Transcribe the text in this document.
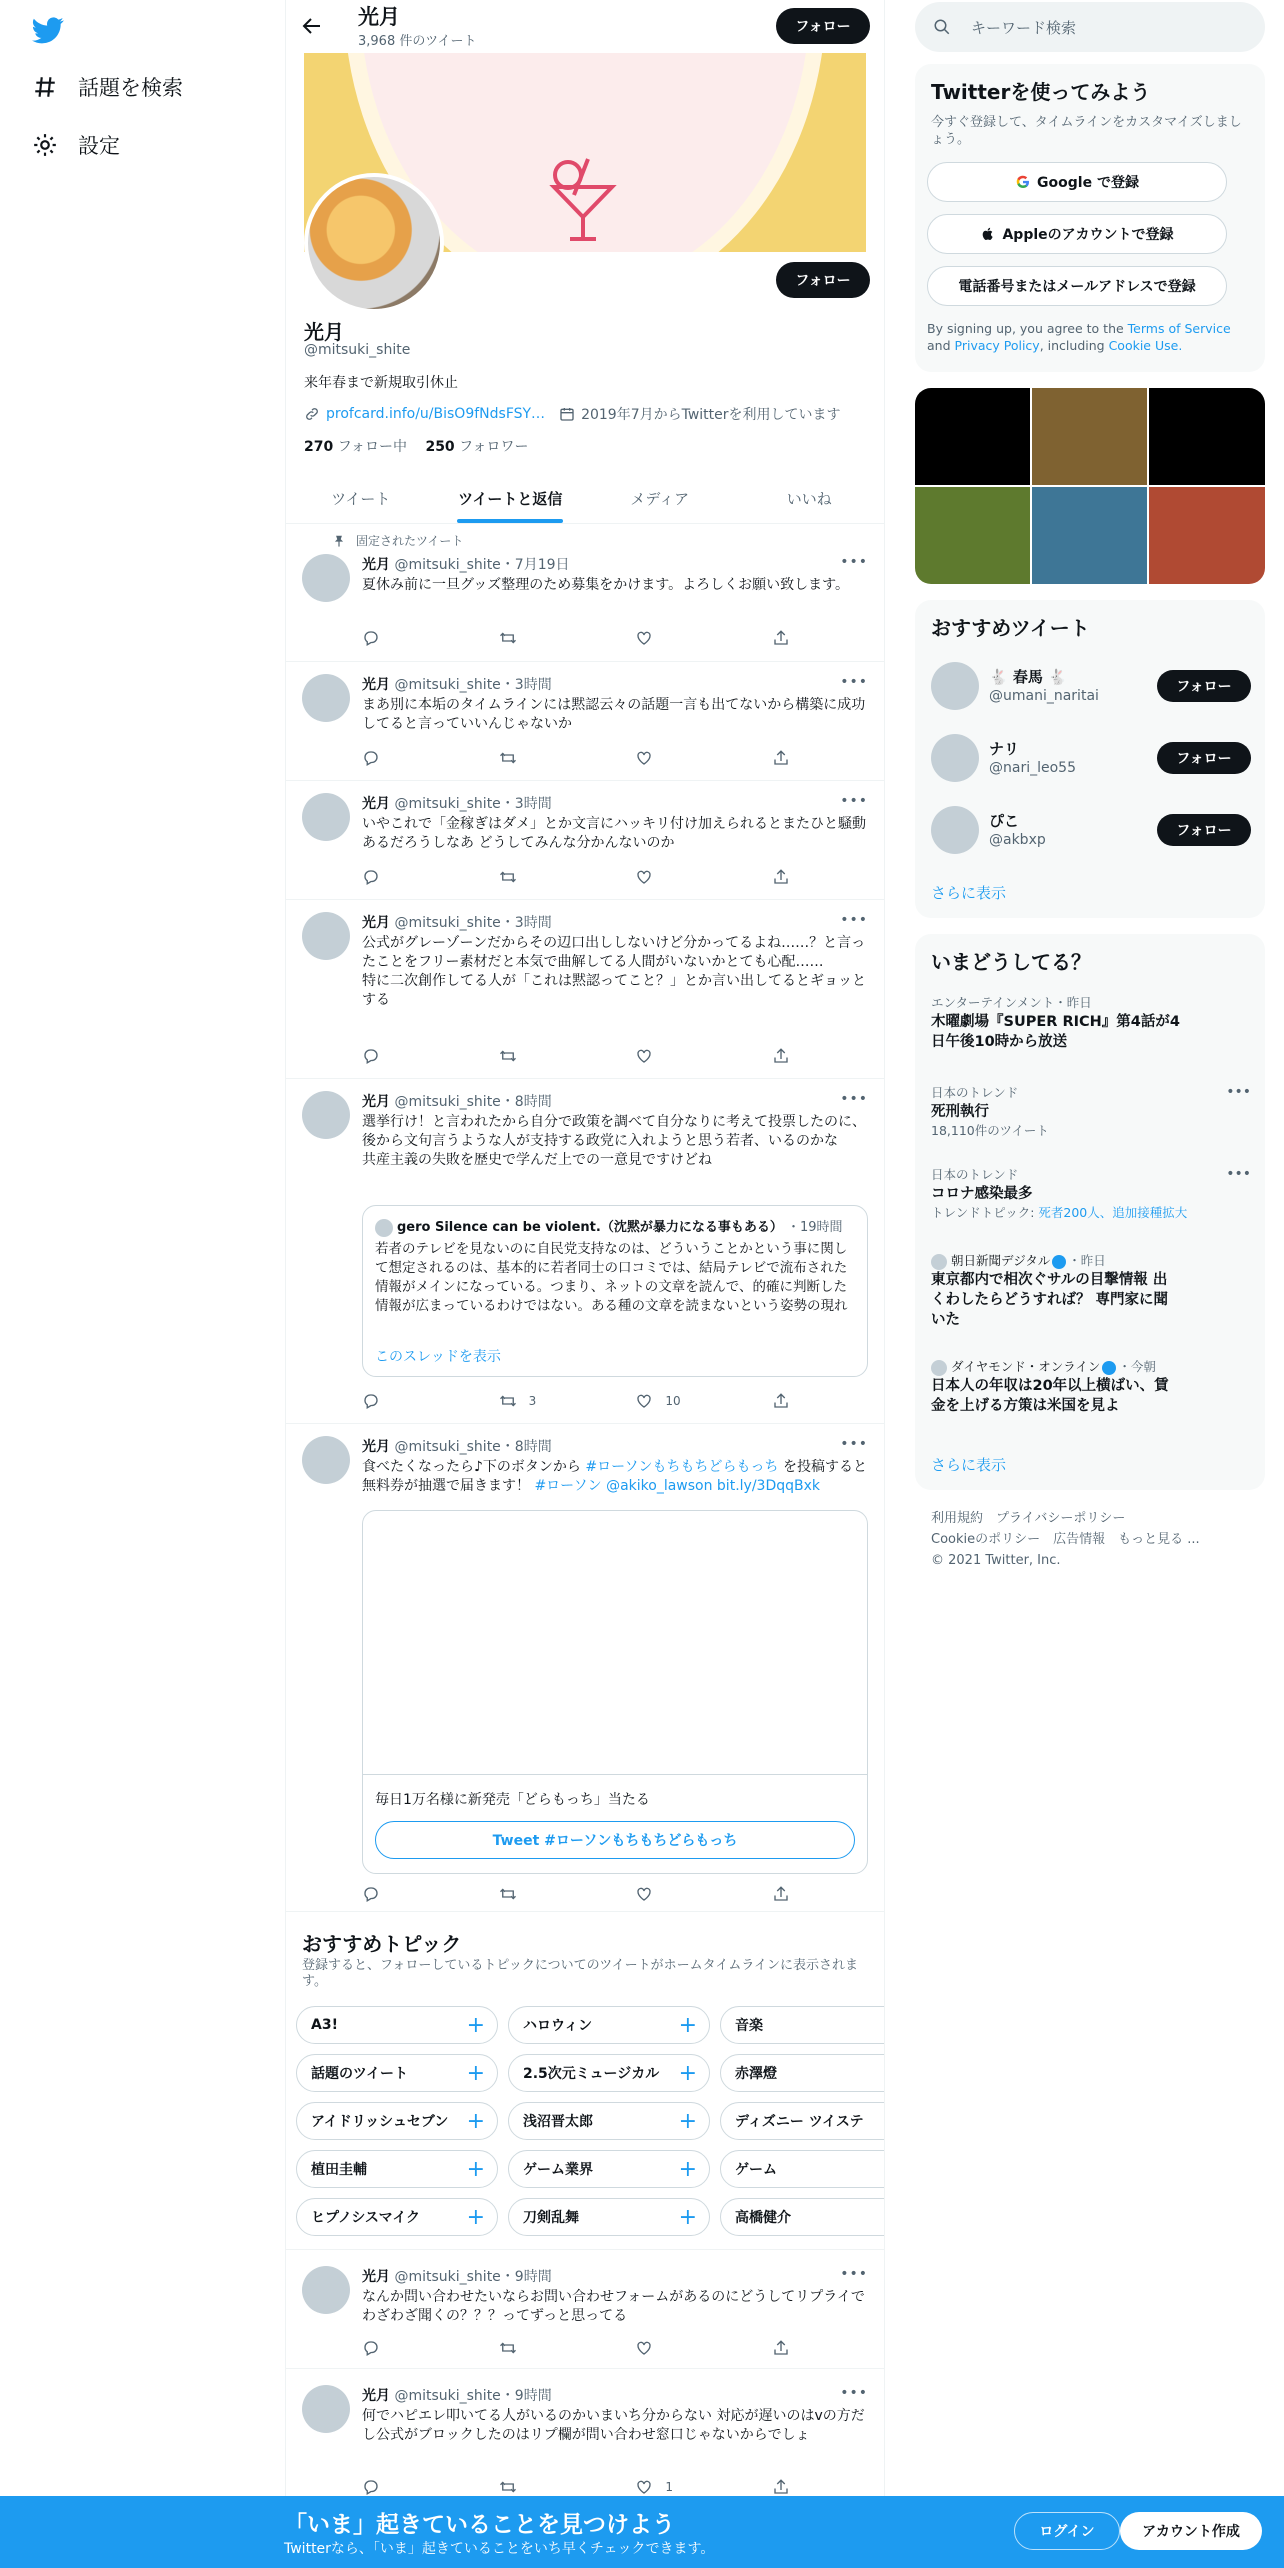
話題を検索
設定
光月
3,968 件のツイート
フォロー
フォロー
光月
@mitsuki_shite
来年春まで新規取引休止
profcard.info/u/BisO9fNdsFSY…	2019年7月からTwitterを利用しています
270 フォロー中 250 フォロワー
ツイート	ツイートと返信	メディア	いいね
固定されたツイート
光月 @mitsuki_shite・7月19日	•••
夏休み前に一旦グッズ整理のため募集をかけます。よろしくお願い致します。
光月 @mitsuki_shite・3時間	•••
まあ別に本垢のタイムラインには黙認云々の話題一言も出てないから構築に成功してると言っていいんじゃないか
光月 @mitsuki_shite・3時間	•••
いやこれで「金稼ぎはダメ」とか文言にハッキリ付け加えられるとまたひと騒動あるだろうしなあ どうしてみんな分かんないのか
光月 @mitsuki_shite・3時間	•••
公式がグレーゾーンだからその辺口出ししないけど分かってるよね……？と言ったことをフリー素材だと本気で曲解してる人間がいないかとても心配……
特に二次創作してる人が「これは黙認ってこと？」とか言い出してるとギョッとする
光月 @mitsuki_shite・8時間	•••
選挙行け！と言われたから自分で政策を調べて自分なりに考えて投票したのに、後から文句言うような人が支持する政党に入れようと思う若者、いるのかな
共産主義の失敗を歴史で学んだ上での一意見ですけどね
gero Silence can be violent.（沈黙が暴力になる事もある） ・19時間
若者のテレビを見ないのに自民党支持なのは、どういうことかという事に関して想定されるのは、基本的に若者同士の口コミでは、結局テレビで流布された情報がメインになっている。つまり、ネットの文章を読んで、的確に判断した情報が広まっているわけではない。ある種の文章を読まないという姿勢の現れ
このスレッドを表示
3	10
光月 @mitsuki_shite・8時間	•••
食べたくなったら♪下のボタンから #ローソンもちもちどらもっち を投稿すると無料券が抽選で届きます！ #ローソン @akiko_lawson bit.ly/3DqqBxk
毎日1万名様に新発売「どらもっち」当たる
Tweet #ローソンもちもちどらもっち
おすすめトピック
登録すると、フォローしているトピックについてのツイートがホームタイムラインに表示されます。
A3!	+	ハロウィン	+	音楽
話題のツイート	+	2.5次元ミュージカル +	赤澤燈
アイドリッシュセブン +	浅沼晋太郎	+	ディズニー ツイステ
植田圭輔	+	ゲーム業界	+	ゲーム
ヒプノシスマイク +	刀剣乱舞	+	高橋健介
光月 @mitsuki_shite・9時間	•••
なんか問い合わせたいならお問い合わせフォームがあるのにどうしてリプライでわざわざ聞くの？？？ってずっと思ってる
光月 @mitsuki_shite・9時間	•••
何でハピエレ叩いてる人がいるのかいまいち分からない 対応が遅いのはvの方だし公式がブロックしたのはリプ欄が問い合わせ窓口じゃないからでしょ
1
キーワード検索
Twitterを使ってみよう
今すぐ登録して、タイムラインをカスタマイズしましょう。
Google で登録
Appleのアカウントで登録
電話番号またはメールアドレスで登録
By signing up, you agree to the Terms of Service and Privacy Policy, including Cookie Use.
おすすめツイート
🐇 春馬 🐇
@umani_naritai
フォロー
ナリ
@nari_leo55
フォロー
ぴこ
@akbxp
フォロー
さらに表示
いまどうしてる？
エンターテインメント・昨日
木曜劇場『SUPER RICH』第4話が4日午後10時から放送
日本のトレンド
死刑執行
18,110件のツイート
•••
日本のトレンド
コロナ感染最多
トレンドトピック: 死者200人、追加接種拡大
•••
朝日新聞デジタル ・昨日
東京都内で相次ぐサルの目撃情報 出くわしたらどうすれば？ 専門家に聞いた
ダイヤモンド・オンライン ・今朝
日本人の年収は20年以上横ばい、賃金を上げる方策は米国を見よ
さらに表示
利用規約　プライバシーポリシー
Cookieのポリシー　広告情報　もっと見る ...
© 2021 Twitter, Inc.
「いま」起きていることを見つけよう
Twitterなら、「いま」起きていることをいち早くチェックできます。
ログイン	アカウント作成
